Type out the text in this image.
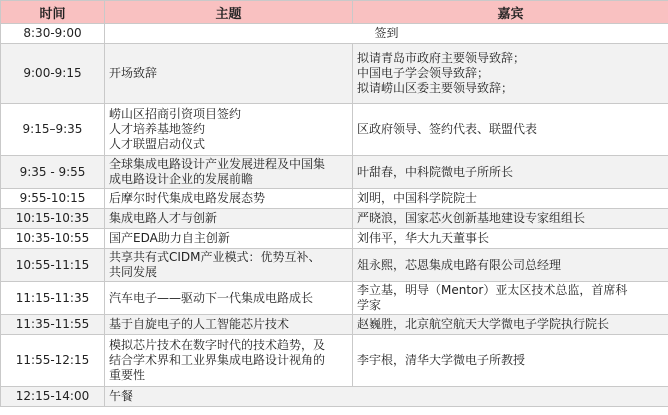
时间	主题	嘉宾
8:30-9:00	签到	

9:00-9:15	开场致辞	拟请青岛市政府主要领导致辞；
中国电子学会领导致辞；
拟请崂山区委主要领导致辞；

9:15–9:35	崂山区招商引资项目签约
人才培养基地签约
人才联盟启动仪式	区政府领导、签约代表、联盟代表

9:35 - 9:55	全球集成电路设计产业发展进程及中国集
成电路设计企业的发展前瞻	叶甜春，中科院微电子所所长

9:55-10:15	后摩尔时代集成电路发展态势	刘明，中国科学院院士

10:15-10:35	集成电路人才与创新	严晓浪，国家芯火创新基地建设专家组组长

10:35-10:55	国产EDA助力自主创新	刘伟平，华大九天董事长

10:55-11:15	共享共有式CIDM产业模式：优势互补、
共同发展	俎永熙，芯恩集成电路有限公司总经理

11:15-11:35	汽车电子——驱动下一代集成电路成长	李立基，明导（Mentor）亚太区技术总监，首席科
学家

11:35-11:55	基于自旋电子的人工智能芯片技术	赵巍胜，北京航空航天大学微电子学院执行院长

11:55-12:15	模拟芯片技术在数字时代的技术趋势，及
结合学术界和工业界集成电路设计视角的
重要性	李宇根，清华大学微电子所教授

12:15-14:00	午餐	
